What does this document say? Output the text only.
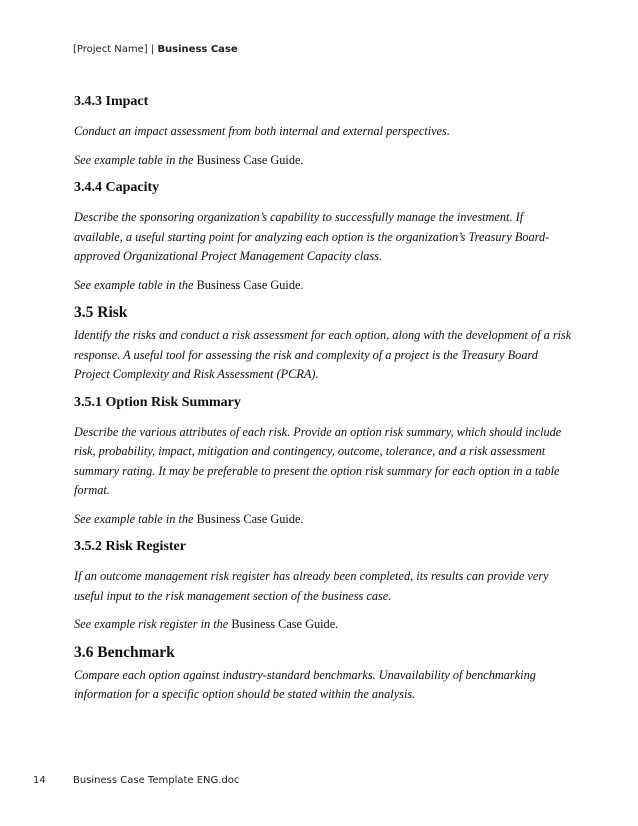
[Project Name] | Business Case
3.4.3 Impact

Conduct an impact assessment from both internal and external perspectives.

See example table in the Business Case Guide.

3.4.4 Capacity

Describe the sponsoring organization’s capability to successfully manage the investment. If available, a useful starting point for analyzing each option is the organization’s Treasury Board-approved Organizational Project Management Capacity class.

See example table in the Business Case Guide.

3.5 Risk

Identify the risks and conduct a risk assessment for each option, along with the development of a risk response. A useful tool for assessing the risk and complexity of a project is the Treasury Board Project Complexity and Risk Assessment (PCRA).

3.5.1 Option Risk Summary

Describe the various attributes of each risk. Provide an option risk summary, which should include risk, probability, impact, mitigation and contingency, outcome, tolerance, and a risk assessment summary rating. It may be preferable to present the option risk summary for each option in a table format.

See example table in the Business Case Guide.

3.5.2 Risk Register

If an outcome management risk register has already been completed, its results can provide very useful input to the risk management section of the business case.

See example risk register in the Business Case Guide.

3.6 Benchmark

Compare each option against industry-standard benchmarks. Unavailability of benchmarking information for a specific option should be stated within the analysis.

14	Business Case Template ENG.doc
